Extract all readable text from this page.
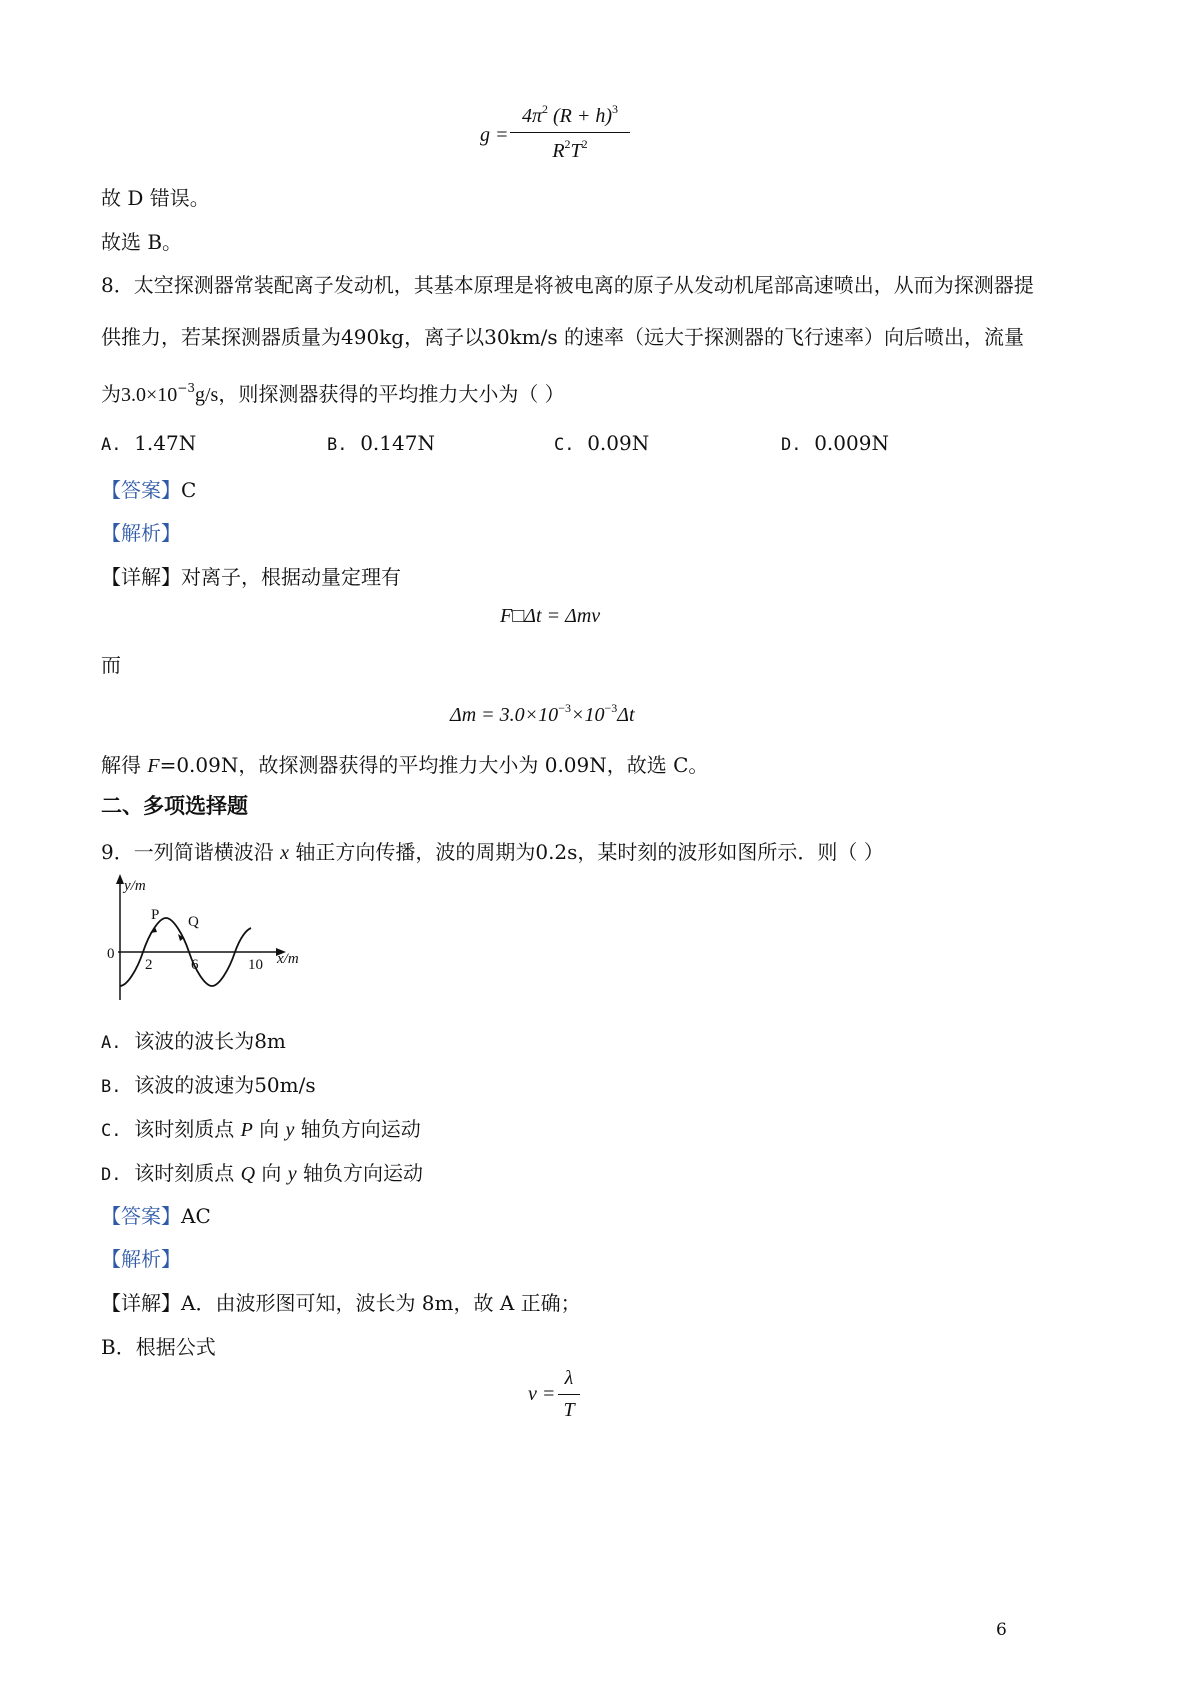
g =
$4\pi^2$ $(R + h)^3$
$R^2T^2$
故 D 错误。
故选 B。
8．太空探测器常装配离子发动机，其基本原理是将被电离的原子从发动机尾部高速喷出，从而为探测器提
供推力，若某探测器质量为490kg，离子以30km/s 的速率（远大于探测器的飞行速率）向后喷出，流量
为$3.0\times 10^{-3}g/s$，则探测器获得的平均推力大小为（ ）
A. 1.47N	B. 0.147N	C. 0.09N	D. 0.009N
【答案】C
【解析】
【详解】对离子，根据动量定理有
F□Δt = Δmv
而
$\Delta m = 3.0\times 10^{-3}\times 10^{-3}\Delta t$
解得 F=0.09N，故探测器获得的平均推力大小为 0.09N，故选 C。
二、多项选择题
9．一列简谐横波沿 x 轴正方向传播，波的周期为0.2s，某时刻的波形如图所示．则（ ）
y/m
x/m
0
2	6	10
P Q
A. 该波的波长为8m
B. 该波的波速为50m/s
C. 该时刻质点 P 向 y 轴负方向运动
D. 该时刻质点 Q 向 y 轴负方向运动
【答案】AC
【解析】
【详解】A．由波形图可知，波长为 8m，故 A 正确；
B．根据公式
v =
λ
T
6
